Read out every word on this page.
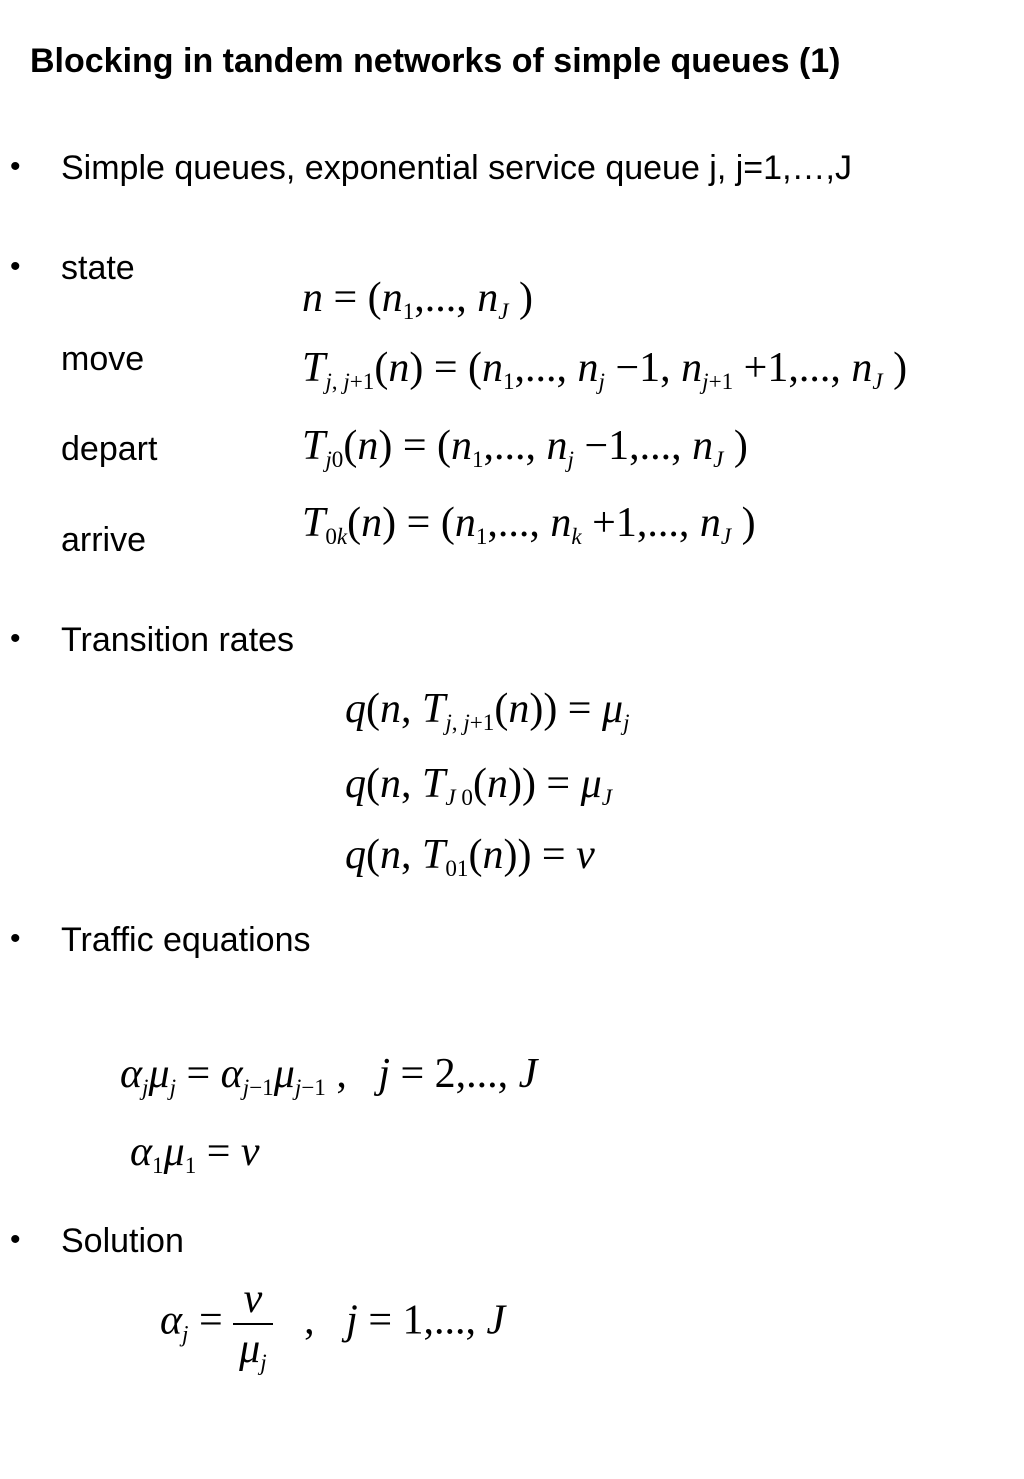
Blocking in tandem networks of simple queues (1)
• Simple queues, exponential service queue j, j=1,…,J
• state
move
depart
arrive
$n = (n_1$,..., $n_J$ )
$T_{j, j+1}(n) = (n_1$,..., $n_j -1$, $n_{j+1} +1$,..., $n_J$ )
$T_{j0}(n) = (n_1$,..., $n_j -1$,..., $n_J$ )
$T_{0k}(n) = (n_1$,..., $n_k +1$,..., $n_J$ )
• Transition rates
q(n, $T_{j, j+1}(n)) = \mu_j$
q(n, $T_{J 0}(n)) = \mu_J$
q(n, $T_{01}(n)) = \nu$
• Traffic equations
$\alpha_j\mu_j = \alpha_{j-1}\mu_{j-1}$ ,   j = 2,..., J
$\alpha_1\mu_1 = \nu$
• Solution
$\alpha_j = \frac{\nu}{\mu_j}$ ,   j = 1,..., J
